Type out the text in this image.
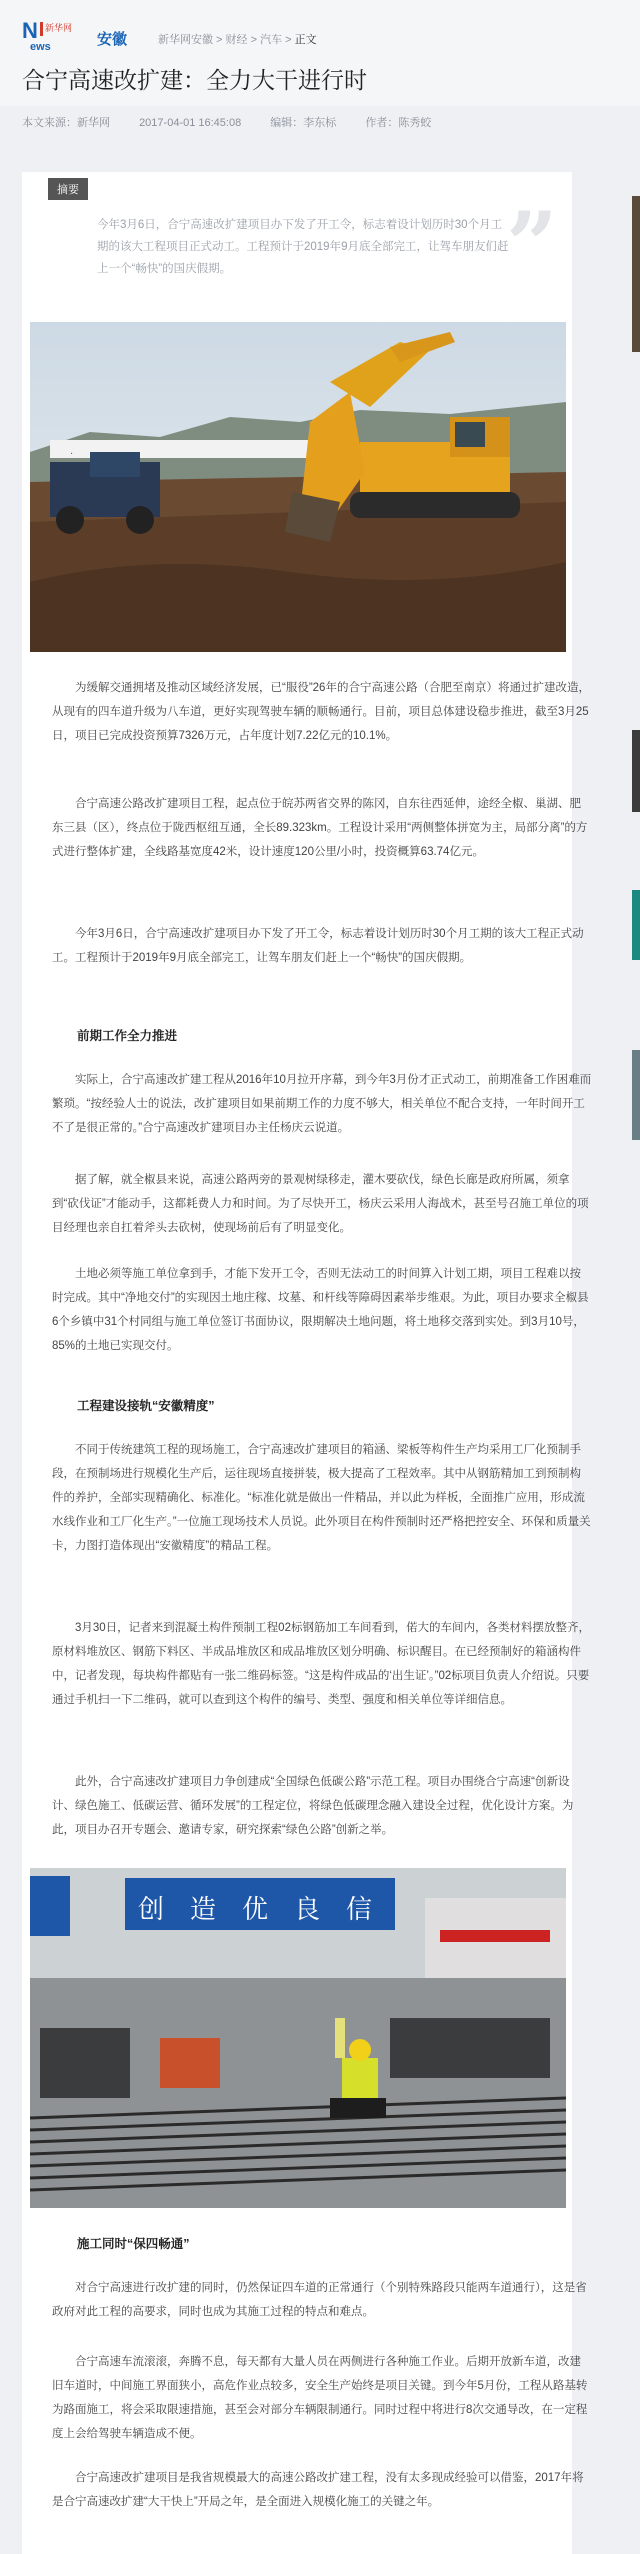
N 新华网
ews	安徽	新华网安徽 > 财经 > 汽车 > 正文
合宁高速改扩建：全力大干进行时
本文来源：新华网	2017-04-01 16:45:08	编辑：李东标	作者：陈秀蛟
摘要
”

今年3月6日，合宁高速改扩建项目办下发了开工令，标志着设计划历时30个月工期的该大工程项目正式动工。工程预计于2019年9月底全部完工，让驾车朋友们赶上一个“畅快”的国庆假期。

.

为缓解交通拥堵及推动区域经济发展，已“服役”26年的合宁高速公路（合肥至南京）将通过扩建改造，从现有的四车道升级为八车道，更好实现驾驶车辆的顺畅通行。目前，项目总体建设稳步推进，截至3月25日，项目已完成投资预算7326万元，占年度计划7.22亿元的10.1%。

合宁高速公路改扩建项目工程，起点位于皖苏两省交界的陈冈，自东往西延伸，途经全椒、巢湖、肥东三县（区），终点位于陇西枢纽互通，全长89.323km。工程设计采用“两侧整体拼宽为主，局部分离”的方式进行整体扩建，全线路基宽度42米，设计速度120公里/小时，投资概算63.74亿元。

今年3月6日，合宁高速改扩建项目办下发了开工令，标志着设计划历时30个月工期的该大工程正式动工。工程预计于2019年9月底全部完工，让驾车朋友们赶上一个“畅快”的国庆假期。

前期工作全力推进

实际上，合宁高速改扩建工程从2016年10月拉开序幕，到今年3月份才正式动工，前期准备工作困难而繁琐。“按经验人士的说法，改扩建项目如果前期工作的力度不够大，相关单位不配合支持，一年时间开工不了是很正常的。”合宁高速改扩建项目办主任杨庆云说道。

据了解，就全椒县来说，高速公路两旁的景观树绿移走，灌木要砍伐，绿色长廊是政府所属，须拿到“砍伐证”才能动手，这都耗费人力和时间。为了尽快开工，杨庆云采用人海战术，甚至号召施工单位的项目经理也亲自扛着斧头去砍树，使现场前后有了明显变化。

土地必须等施工单位拿到手，才能下发开工令，否则无法动工的时间算入计划工期，项目工程难以按时完成。其中“净地交付”的实现因土地庄稼、坟墓、和杆线等障碍因素举步维艰。为此，项目办要求全椒县6个乡镇中31个村同组与施工单位签订书面协议，限期解决土地问题，将土地移交落到实处。到3月10号，85%的土地已实现交付。

工程建设接轨“安徽精度”

不同于传统建筑工程的现场施工，合宁高速改扩建项目的箱涵、梁板等构件生产均采用工厂化预制手段，在预制场进行规模化生产后，运往现场直接拼装，极大提高了工程效率。其中从钢筋精加工到预制构件的养护，全部实现精确化、标准化。“标准化就是做出一件精品，并以此为样板，全面推广应用，形成流水线作业和工厂化生产。”一位施工现场技术人员说。此外项目在构件预制时还严格把控安全、环保和质量关卡，力图打造体现出“安徽精度”的精品工程。

3月30日，记者来到混凝土构件预制工程02标钢筋加工车间看到，偌大的车间内，各类材料摆放整齐，原材料堆放区、钢筋下料区、半成品堆放区和成品堆放区划分明确、标识醒目。在已经预制好的箱涵构件中，记者发现，每块构件都贴有一张二维码标签。“这是构件成品的‘出生证’。”02标项目负责人介绍说。只要通过手机扫一下二维码，就可以查到这个构件的编号、类型、强度和相关单位等详细信息。

此外，合宁高速改扩建项目力争创建成“全国绿色低碳公路”示范工程。项目办围绕合宁高速“创新设计、绿色施工、低碳运营、循环发展”的工程定位，将绿色低碳理念融入建设全过程，优化设计方案。为此，项目办召开专题会、邀请专家，研究探索“绿色公路”创新之举。

创 造 优 良 信
施工同时“保四畅通”

对合宁高速进行改扩建的同时，仍然保证四车道的正常通行（个别特殊路段只能两车道通行），这是省政府对此工程的高要求，同时也成为其施工过程的特点和难点。

合宁高速车流滚滚，奔腾不息，每天都有大量人员在两侧进行各种施工作业。后期开放新车道，改建旧车道时，中间施工界面狭小，高危作业点较多，安全生产始终是项目关键。到今年5月份，工程从路基转为路面施工，将会采取限速措施，甚至会对部分车辆限制通行。同时过程中将进行8次交通导改，在一定程度上会给驾驶车辆造成不便。

合宁高速改扩建项目是我省规模最大的高速公路改扩建工程，没有太多现成经验可以借鉴，2017年将是合宁高速改扩建“大干快上”开局之年，是全面进入规模化施工的关键之年。
